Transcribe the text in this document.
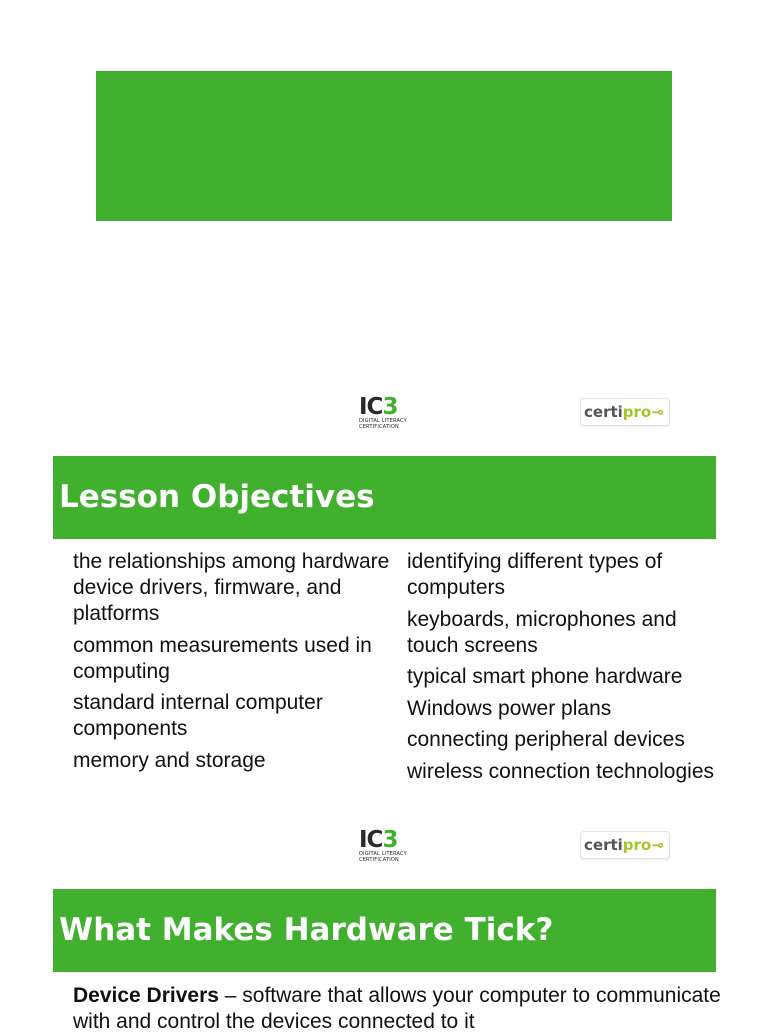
IC3
DIGITAL LITERACY
CERTIFICATION
certipro⊸
Lesson Objectives
the relationships among hardware device drivers, firmware, and platforms
common measurements used in computing
standard internal computer components
memory and storage
identifying different types of computers
keyboards, microphones and touch screens
typical smart phone hardware
Windows power plans
connecting peripheral devices
wireless connection technologies
IC3
DIGITAL LITERACY
CERTIFICATION
certipro⊸
What Makes Hardware Tick?

Device Drivers – software that allows your computer to communicate with and control the devices connected to it
